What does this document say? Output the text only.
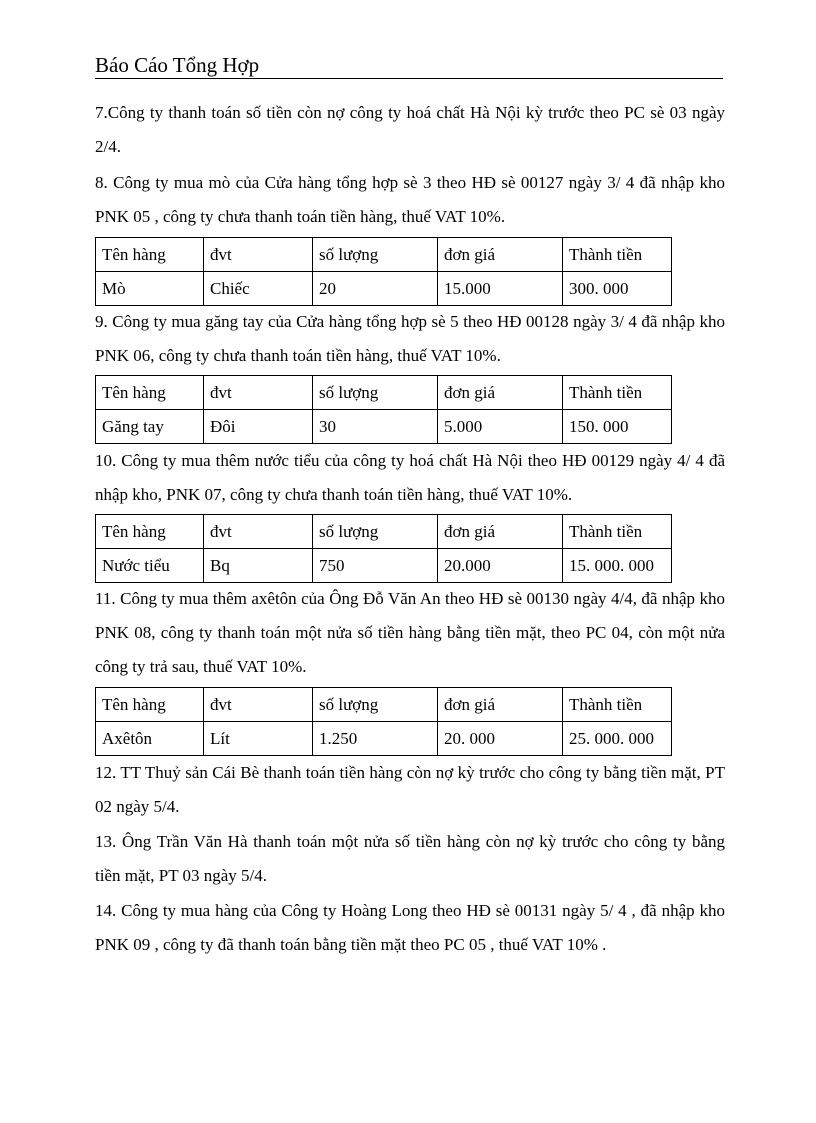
Báo Cáo Tổng Hợp
7.Công ty thanh toán số tiền còn nợ công ty hoá chất Hà Nội kỳ trước theo PC sè 03 ngày 2/4.
8. Công ty mua mò của Cửa hàng tổng hợp sè 3 theo HĐ sè 00127 ngày 3/ 4 đã nhập kho PNK 05 , công ty chưa thanh toán tiền hàng, thuế VAT 10%.
Tên hàng	đvt	số lượng	đơn giá	Thành tiền
Mò	Chiếc	20	15.000	300. 000
9. Công ty mua găng tay của Cửa hàng tổng hợp sè 5 theo HĐ 00128 ngày 3/ 4 đã nhập kho PNK 06, công ty chưa thanh toán tiền hàng, thuế VAT 10%.
Tên hàng	đvt	số lượng	đơn giá	Thành tiền
Găng tay	Đôi	30	5.000	150. 000
10. Công ty mua thêm nước tiểu của công ty hoá chất Hà Nội theo HĐ 00129 ngày 4/ 4 đã nhập kho, PNK 07, công ty chưa thanh toán tiền hàng, thuế VAT 10%.
Tên hàng	đvt	số lượng	đơn giá	Thành tiền
Nước tiểu	Bq	750	20.000	15. 000. 000
11. Công ty mua thêm axêtôn của Ông Đỗ Văn An theo HĐ sè 00130 ngày 4/4, đã nhập kho PNK 08, công ty thanh toán một nửa số tiền hàng bằng tiền mặt, theo PC 04, còn một nửa công ty trả sau, thuế VAT 10%.
Tên hàng	đvt	số lượng	đơn giá	Thành tiền
Axêtôn	Lít	1.250	20. 000	25. 000. 000
12. TT Thuỷ sản Cái Bè thanh toán tiền hàng còn nợ kỳ trước cho công ty bằng tiền mặt, PT 02 ngày 5/4.
13. Ông Trần Văn Hà thanh toán một nửa số tiền hàng còn nợ kỳ trước cho công ty bằng tiền mặt, PT 03 ngày 5/4.
14. Công ty mua hàng của Công ty Hoàng Long theo HĐ sè 00131 ngày 5/ 4 , đã nhập kho PNK 09 , công ty đã thanh toán bằng tiền mặt theo PC 05 , thuế VAT 10% .
